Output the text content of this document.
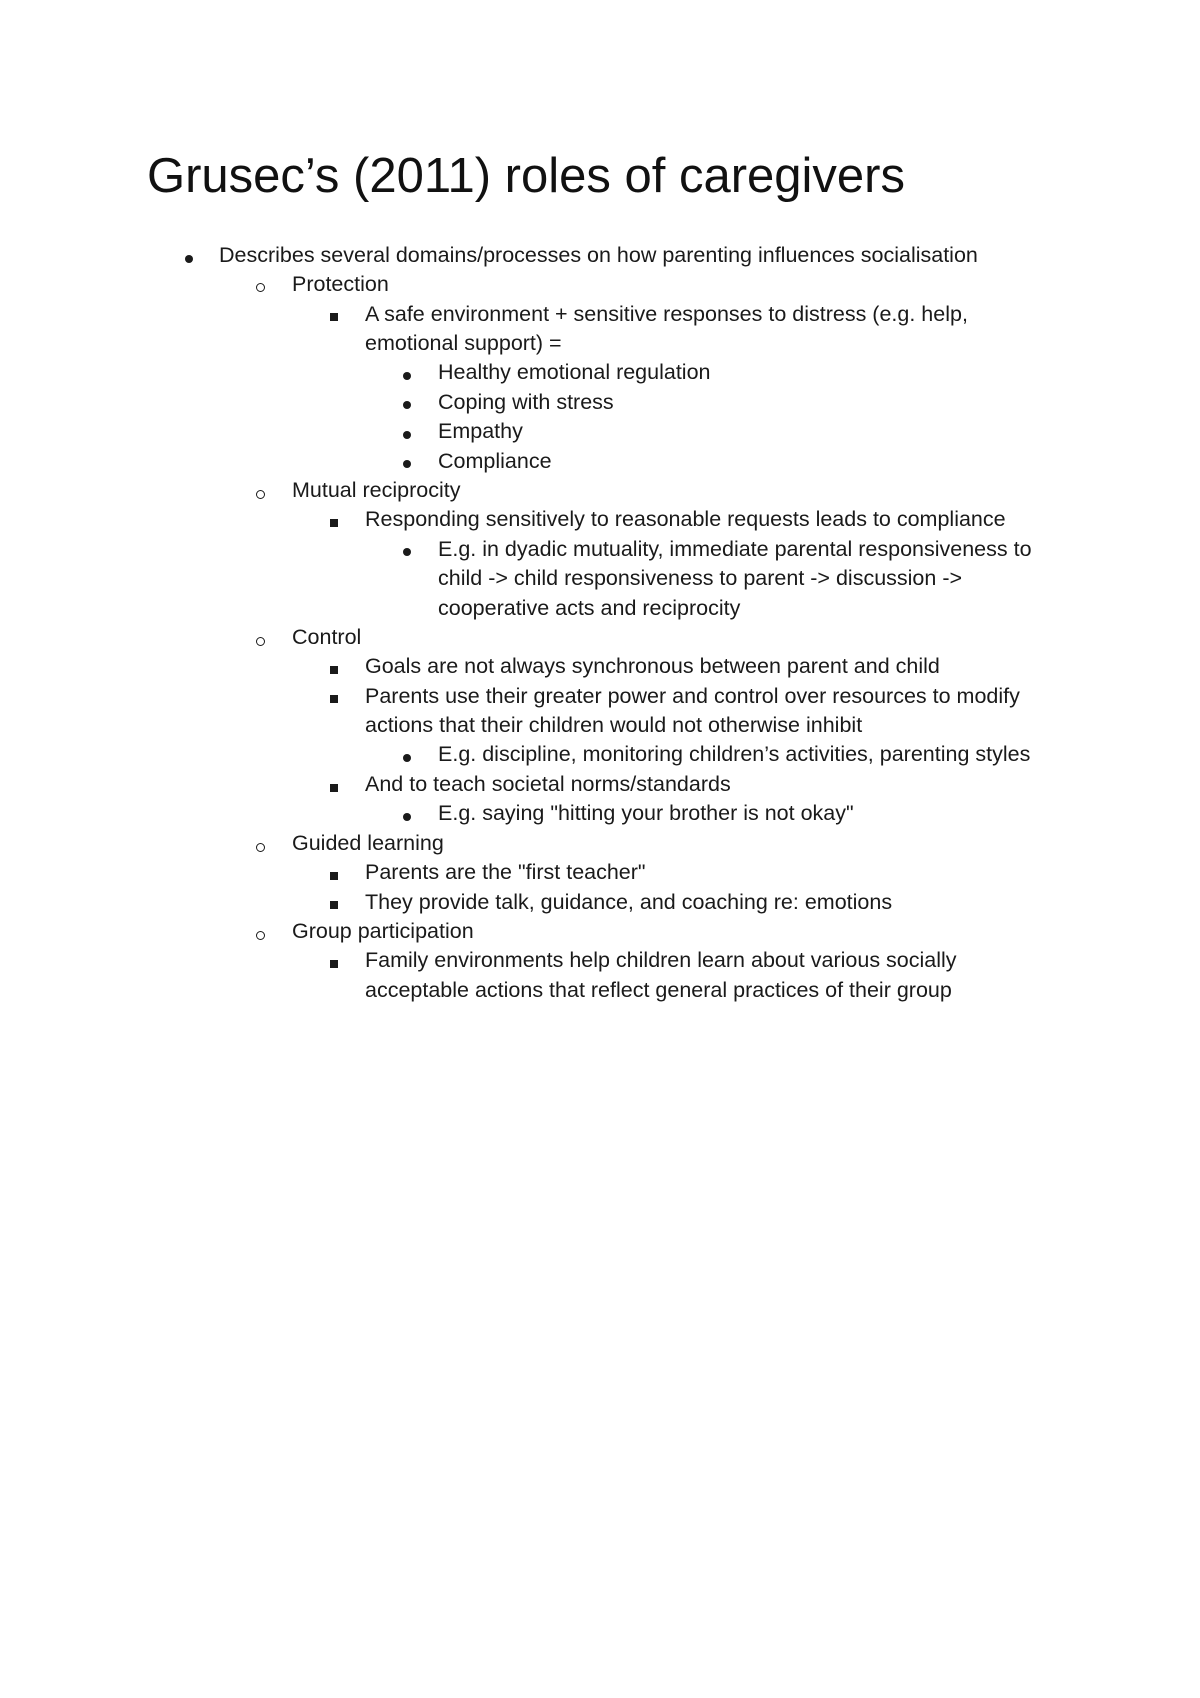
Grusec’s (2011) roles of caregivers
Describes several domains/processes on how parenting influences socialisation
Protection
A safe environment + sensitive responses to distress (e.g. help,
emotional support) =
Healthy emotional regulation
Coping with stress
Empathy
Compliance
Mutual reciprocity
Responding sensitively to reasonable requests leads to compliance
E.g. in dyadic mutuality, immediate parental responsiveness to
child -> child responsiveness to parent -> discussion ->
cooperative acts and reciprocity
Control
Goals are not always synchronous between parent and child
Parents use their greater power and control over resources to modify
actions that their children would not otherwise inhibit
E.g. discipline, monitoring children’s activities, parenting styles
And to teach societal norms/standards
E.g. saying "hitting your brother is not okay"
Guided learning
Parents are the "first teacher"
They provide talk, guidance, and coaching re: emotions
Group participation
Family environments help children learn about various socially
acceptable actions that reflect general practices of their group
